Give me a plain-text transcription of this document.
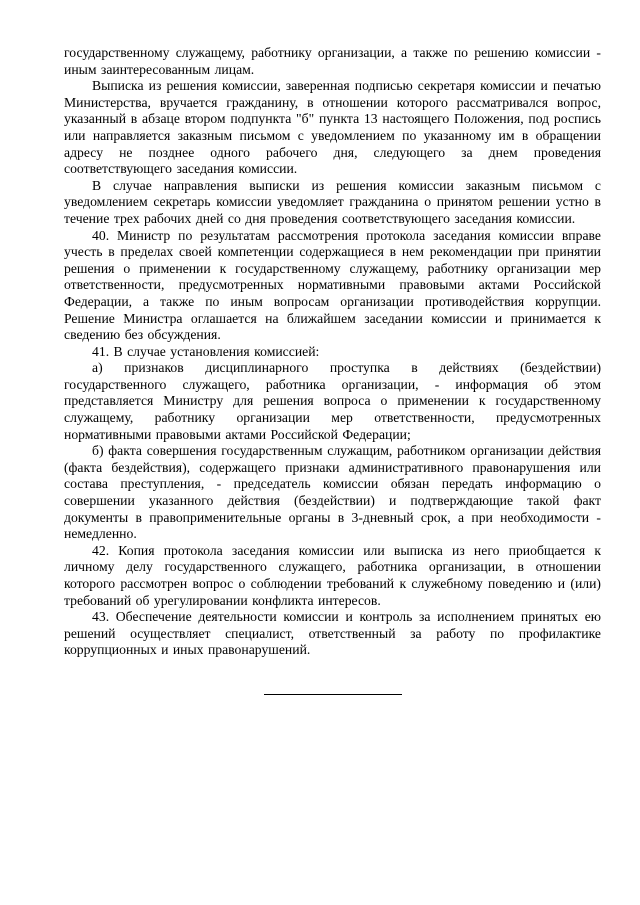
государственному служащему, работнику организации, а также по решению комиссии - иным заинтересованным лицам.

Выписка из решения комиссии, заверенная подписью секретаря комиссии и печатью Министерства, вручается гражданину, в отношении которого рассматривался вопрос, указанный в абзаце втором подпункта "б" пункта 13 настоящего Положения, под роспись или направляется заказным письмом с уведомлением по указанному им в обращении адресу не позднее одного рабочего дня, следующего за днем проведения соответствующего заседания комиссии.

В случае направления выписки из решения комиссии заказным письмом с уведомлением секретарь комиссии уведомляет гражданина о принятом решении устно в течение трех рабочих дней со дня проведения соответствующего заседания комиссии.

40. Министр по результатам рассмотрения протокола заседания комиссии вправе учесть в пределах своей компетенции содержащиеся в нем рекомендации при принятии решения о применении к государственному служащему, работнику организации мер ответственности, предусмотренных нормативными правовыми актами Российской Федерации, а также по иным вопросам организации противодействия коррупции. Решение Министра оглашается на ближайшем заседании комиссии и принимается к сведению без обсуждения.

41. В случае установления комиссией:

а) признаков дисциплинарного проступка в действиях (бездействии) государственного служащего, работника организации, - информация об этом представляется Министру для решения вопроса о применении к государственному служащему, работнику организации мер ответственности, предусмотренных нормативными правовыми актами Российской Федерации;

б) факта совершения государственным служащим, работником организации действия (факта бездействия), содержащего признаки административного правонарушения или состава преступления, - председатель комиссии обязан передать информацию о совершении указанного действия (бездействии) и подтверждающие такой факт документы в правоприменительные органы в 3-дневный срок, а при необходимости - немедленно.

42. Копия протокола заседания комиссии или выписка из него приобщается к личному делу государственного служащего, работника организации, в отношении которого рассмотрен вопрос о соблюдении требований к служебному поведению и (или) требований об урегулировании конфликта интересов.

43. Обеспечение деятельности комиссии и контроль за исполнением принятых ею решений осуществляет специалист, ответственный за работу по профилактике коррупционных и иных правонарушений.
